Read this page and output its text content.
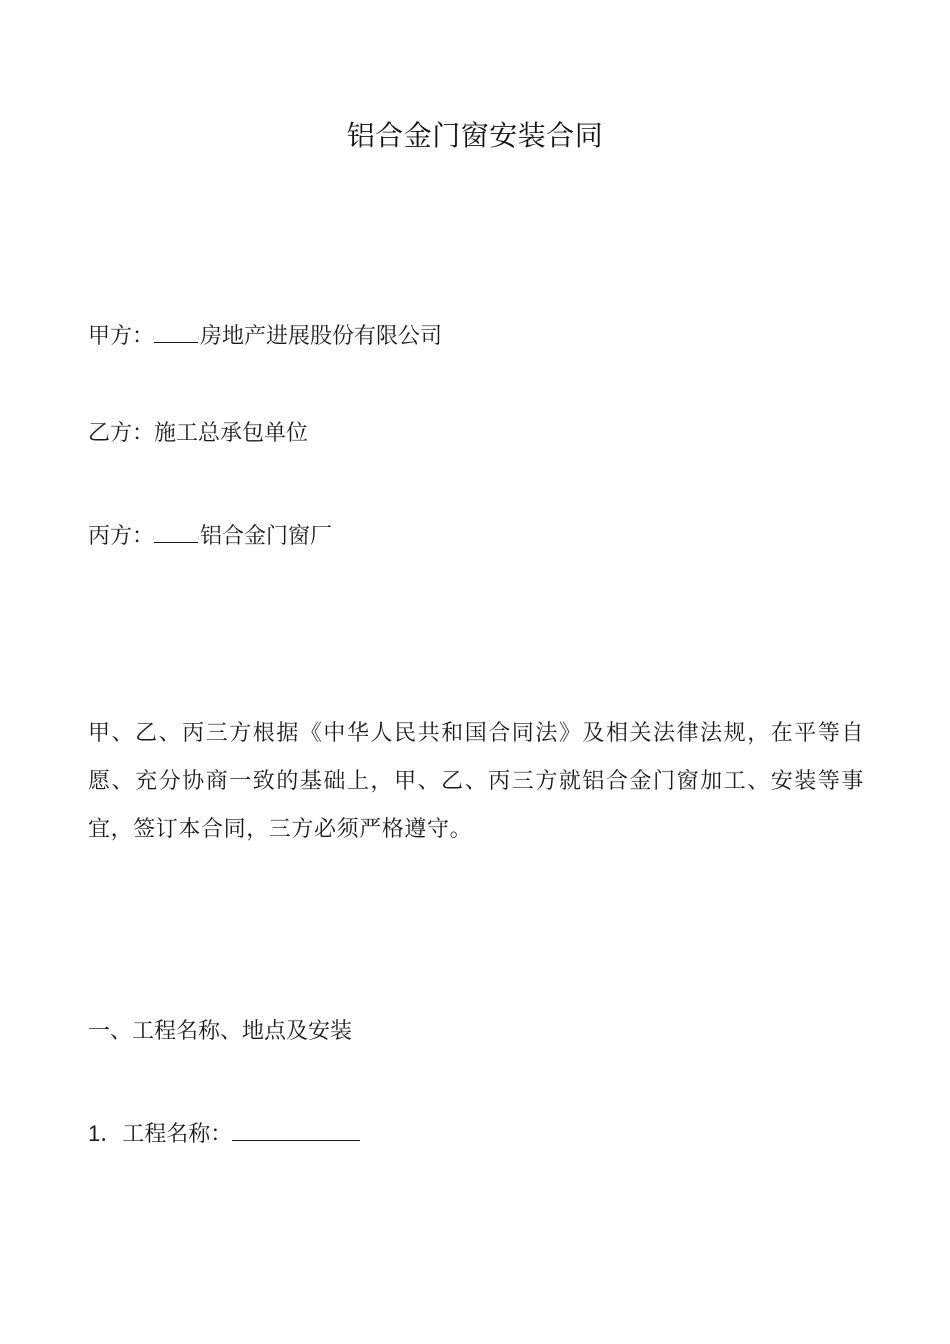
铝合金门窗安装合同
甲方： 房地产进展股份有限公司
乙方：施工总承包单位
丙方： 铝合金门窗厂
甲、乙、丙三方根据《中华人民共和国合同法》及相关法律法规，在平等自愿、充分协商一致的基础上，甲、乙、丙三方就铝合金门窗加工、安装等事宜，签订本合同，三方必须严格遵守。
一、工程名称、地点及安装
1．工程名称：
